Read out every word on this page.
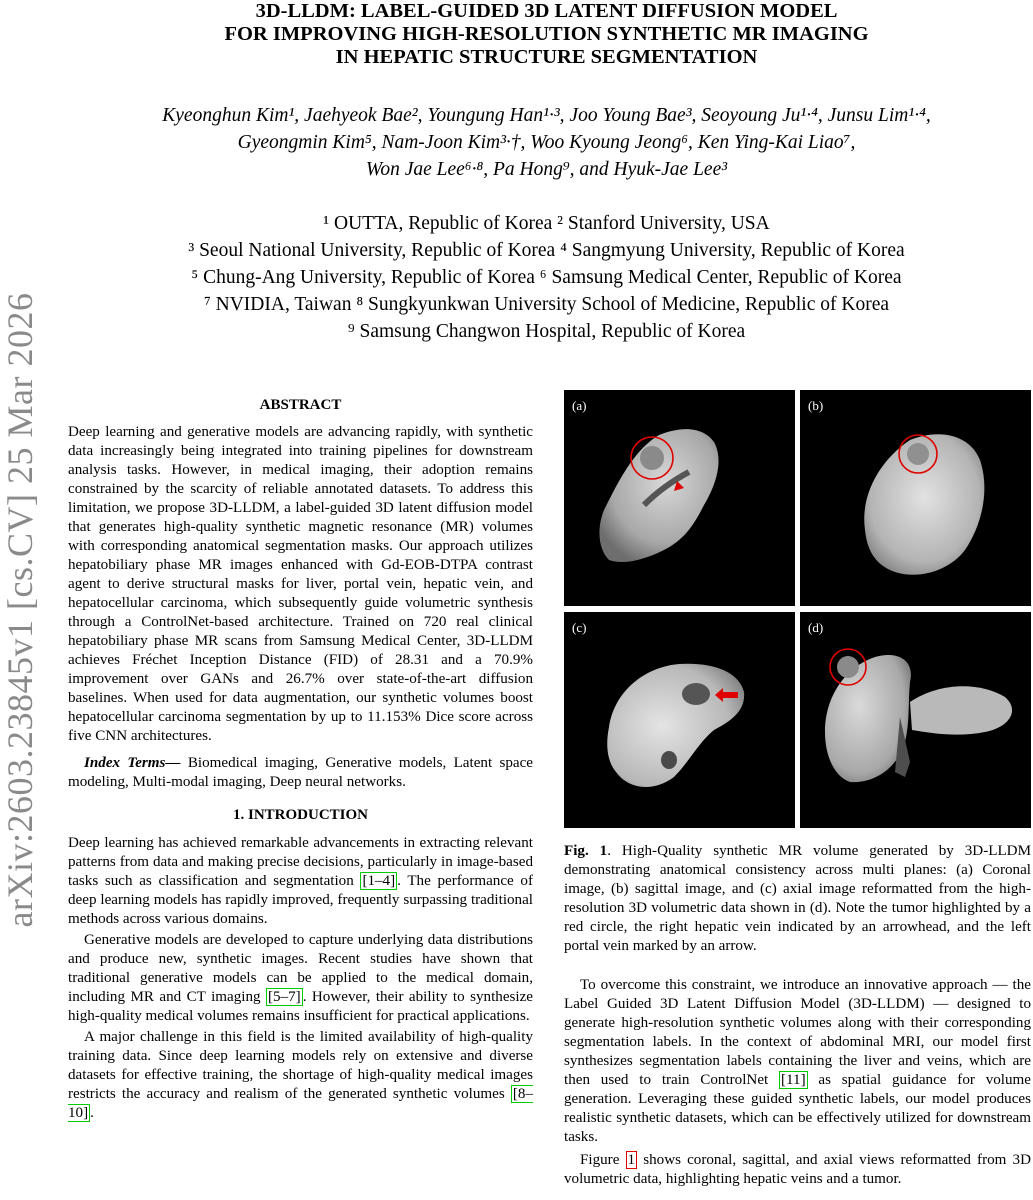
arXiv:2603.23845v1 [cs.CV] 25 Mar 2026
3D-LLDM: LABEL-GUIDED 3D LATENT DIFFUSION MODEL
FOR IMPROVING HIGH-RESOLUTION SYNTHETIC MR IMAGING
IN HEPATIC STRUCTURE SEGMENTATION
Kyeonghun Kim¹, Jaehyeok Bae², Youngung Han¹·³, Joo Young Bae³, Seoyoung Ju¹·⁴, Junsu Lim¹·⁴,
Gyeongmin Kim⁵, Nam-Joon Kim³·†, Woo Kyoung Jeong⁶, Ken Ying-Kai Liao⁷,
Won Jae Lee⁶·⁸, Pa Hong⁹, and Hyuk-Jae Lee³
¹ OUTTA, Republic of Korea ² Stanford University, USA
³ Seoul National University, Republic of Korea ⁴ Sangmyung University, Republic of Korea
⁵ Chung-Ang University, Republic of Korea ⁶ Samsung Medical Center, Republic of Korea
⁷ NVIDIA, Taiwan ⁸ Sungkyunkwan University School of Medicine, Republic of Korea
⁹ Samsung Changwon Hospital, Republic of Korea
ABSTRACT

Deep learning and generative models are advancing rapidly, with synthetic data increasingly being integrated into training pipelines for downstream analysis tasks. However, in medical imaging, their adoption remains constrained by the scarcity of reliable annotated datasets. To address this limitation, we propose 3D-LLDM, a label-guided 3D latent diffusion model that generates high-quality synthetic magnetic resonance (MR) volumes with corresponding anatomical segmentation masks. Our approach utilizes hepatobiliary phase MR images enhanced with Gd-EOB-DTPA contrast agent to derive structural masks for liver, portal vein, hepatic vein, and hepatocellular carcinoma, which subsequently guide volumetric synthesis through a ControlNet-based architecture. Trained on 720 real clinical hepatobiliary phase MR scans from Samsung Medical Center, 3D-LLDM achieves Fréchet Inception Distance (FID) of 28.31 and a 70.9% improvement over GANs and 26.7% over state-of-the-art diffusion baselines. When used for data augmentation, our synthetic volumes boost hepatocellular carcinoma segmentation by up to 11.153% Dice score across five CNN architectures.

Index Terms— Biomedical imaging, Generative models, Latent space modeling, Multi-modal imaging, Deep neural networks.

1. INTRODUCTION

Deep learning has achieved remarkable advancements in extracting relevant patterns from data and making precise decisions, particularly in image-based tasks such as classification and segmentation [1–4] . The performance of deep learning models has rapidly improved, frequently surpassing traditional methods across various domains.

Generative models are developed to capture underlying data distributions and produce new, synthetic images. Recent studies have shown that traditional generative models can be applied to the medical domain, including MR and CT imaging [5–7] . However, their ability to synthesize high-quality medical volumes remains insufficient for practical applications.

A major challenge in this field is the limited availability of high-quality training data. Since deep learning models rely on extensive and diverse datasets for effective training, the shortage of high-quality medical images restricts the accuracy and realism of the generated synthetic volumes [8–10] .

(a)	(b)
(c)	(d)
Fig. 1. High-Quality synthetic MR volume generated by 3D-LLDM demonstrating anatomical consistency across multi planes: (a) Coronal image, (b) sagittal image, and (c) axial image reformatted from the high-resolution 3D volumetric data shown in (d). Note the tumor highlighted by a red circle, the right hepatic vein indicated by an arrowhead, and the left portal vein marked by an arrow.

To overcome this constraint, we introduce an innovative approach — the Label Guided 3D Latent Diffusion Model (3D-LLDM) — designed to generate high-resolution synthetic volumes along with their corresponding segmentation labels. In the context of abdominal MRI, our model first synthesizes segmentation labels containing the liver and veins, which are then used to train ControlNet [11] as spatial guidance for volume generation. Leveraging these guided synthetic labels, our model produces realistic synthetic datasets, which can be effectively utilized for downstream tasks.

Figure 1 shows coronal, sagittal, and axial views reformatted from 3D volumetric data, highlighting hepatic veins and a tumor.
